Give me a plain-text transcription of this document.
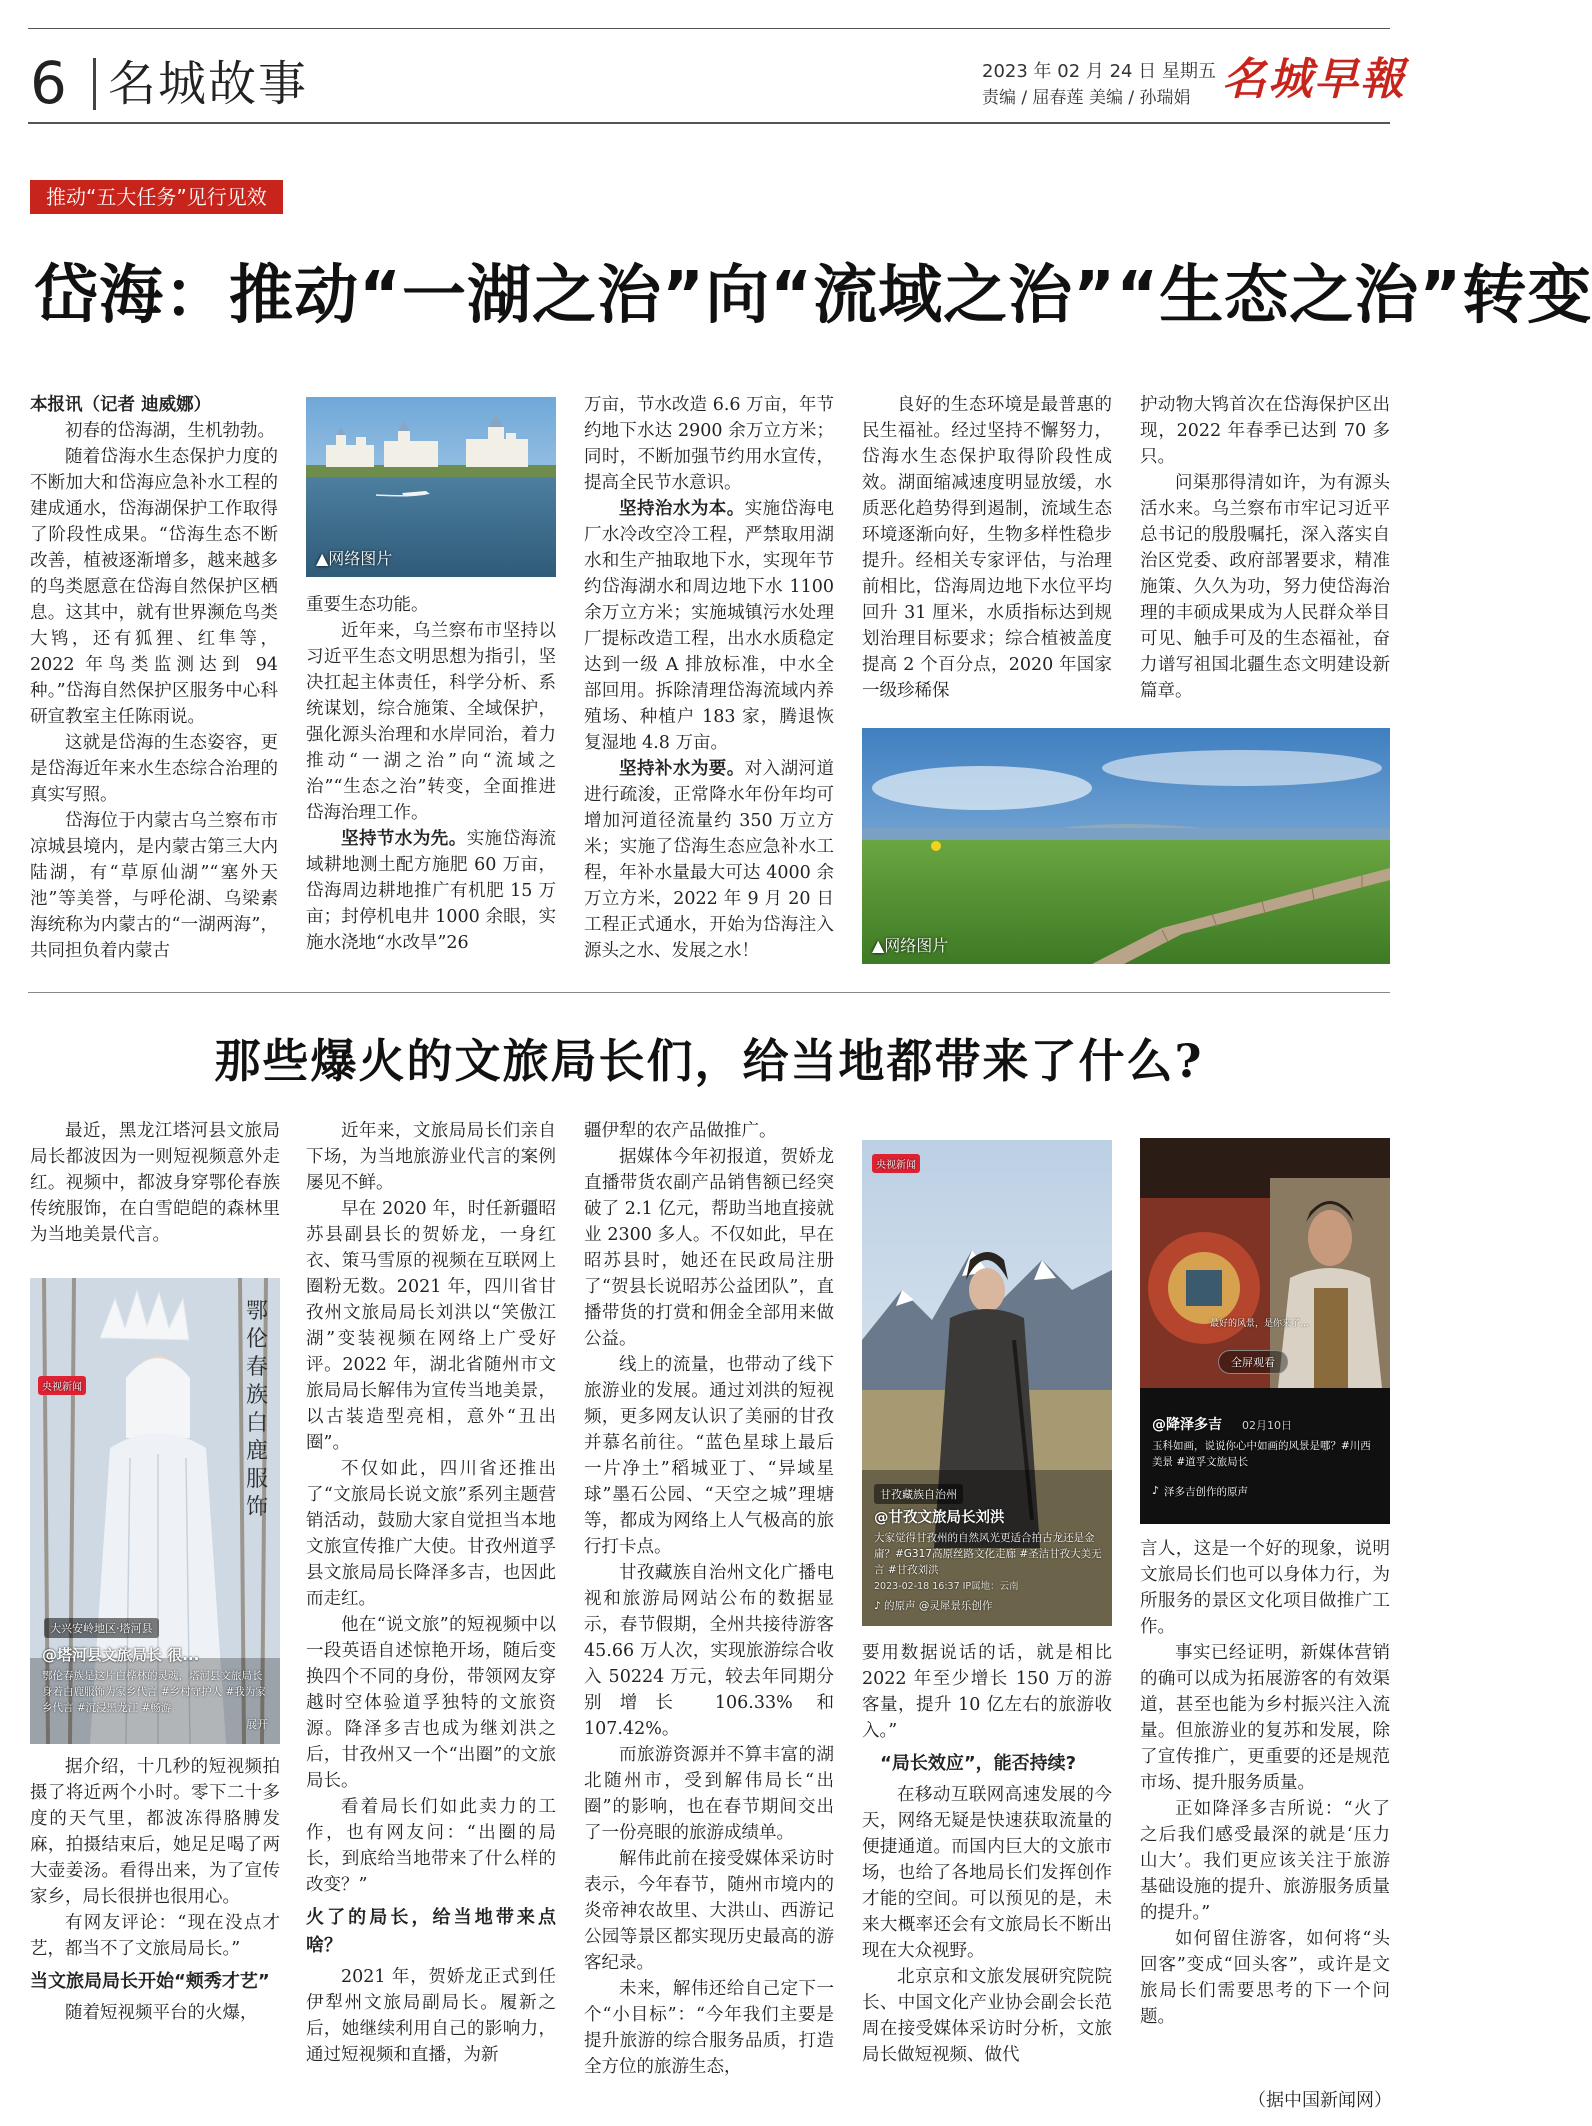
6 名城故事	2023 年 02 月 24 日 星期五
责编 / 屈春莲 美编 / 孙瑞娟 名城早報
推动“五大任务”见行见效
岱海：推动“一湖之治”向“流域之治”“生态之治”转变

本报讯（记者 迪威娜）

初春的岱海湖，生机勃勃。

随着岱海水生态保护力度的不断加大和岱海应急补水工程的建成通水，岱海湖保护工作取得了阶段性成果。“岱海生态不断改善，植被逐渐增多，越来越多的鸟类愿意在岱海自然保护区栖息。这其中，就有世界濒危鸟类大鸨，还有狐狸、红隼等，2022 年鸟类监测达到 94 种。”岱海自然保护区服务中心科研宣教室主任陈雨说。

这就是岱海的生态姿容，更是岱海近年来水生态综合治理的真实写照。

岱海位于内蒙古乌兰察布市凉城县境内，是内蒙古第三大内陆湖，有“草原仙湖”“塞外天池”等美誉，与呼伦湖、乌梁素海统称为内蒙古的“一湖两海”，共同担负着内蒙古

▲网络图片

重要生态功能。

近年来，乌兰察布市坚持以习近平生态文明思想为指引，坚决扛起主体责任，科学分析、系统谋划，综合施策、全域保护，强化源头治理和水岸同治，着力推动“一湖之治”向“流域之治”“生态之治”转变，全面推进岱海治理工作。

坚持节水为先。实施岱海流域耕地测土配方施肥 60 万亩，岱海周边耕地推广有机肥 15 万亩；封停机电井 1000 余眼，实施水浇地“水改旱”26

万亩，节水改造 6.6 万亩，年节约地下水达 2900 余万立方米；同时，不断加强节约用水宣传，提高全民节水意识。

坚持治水为本。实施岱海电厂水冷改空冷工程，严禁取用湖水和生产抽取地下水，实现年节约岱海湖水和周边地下水 1100 余万立方米；实施城镇污水处理厂提标改造工程，出水水质稳定达到一级 A 排放标准，中水全部回用。拆除清理岱海流域内养殖场、种植户 183 家，腾退恢复湿地 4.8 万亩。

坚持补水为要。对入湖河道进行疏浚，正常降水年份年均可增加河道径流量约 350 万立方米；实施了岱海生态应急补水工程，年补水量最大可达 4000 余万立方米，2022 年 9 月 20 日工程正式通水，开始为岱海注入源头之水、发展之水！

良好的生态环境是最普惠的民生福祉。经过坚持不懈努力，岱海水生态保护取得阶段性成效。湖面缩减速度明显放缓，水质恶化趋势得到遏制，流域生态环境逐渐向好，生物多样性稳步提升。经相关专家评估，与治理前相比，岱海周边地下水位平均回升 31 厘米，水质指标达到规划治理目标要求；综合植被盖度提高 2 个百分点，2020 年国家一级珍稀保

护动物大鸨首次在岱海保护区出现，2022 年春季已达到 70 多只。

问渠那得清如许，为有源头活水来。乌兰察布市牢记习近平总书记的殷殷嘱托，深入落实自治区党委、政府部署要求，精准施策、久久为功，努力使岱海治理的丰硕成果成为人民群众举目可见、触手可及的生态福祉，奋力谱写祖国北疆生态文明建设新篇章。

▲网络图片
那些爆火的文旅局长们，给当地都带来了什么?

最近，黑龙江塔河县文旅局局长都波因为一则短视频意外走红。视频中，都波身穿鄂伦春族传统服饰，在白雪皑皑的森林里为当地美景代言。

央视新闻
鄂伦春族白鹿服饰
大兴安岭地区·塔河县
@塔河县文旅局长 很...
鄂伦春族是这片白桦林的灵魂，塔河县文旅局长身着白鹿服饰为家乡代言 #乡村守护人 #我为家乡代言 #沉浸黑龙江 #畅游
展开

据介绍，十几秒的短视频拍摄了将近两个小时。零下二十多度的天气里，都波冻得胳膊发麻，拍摄结束后，她足足喝了两大壶姜汤。看得出来，为了宣传家乡，局长很拼也很用心。

有网友评论：“现在没点才艺，都当不了文旅局局长。”

当文旅局局长开始“颊秀才艺”

随着短视频平台的火爆，

近年来，文旅局局长们亲自下场，为当地旅游业代言的案例屡见不鲜。

早在 2020 年，时任新疆昭苏县副县长的贺娇龙，一身红衣、策马雪原的视频在互联网上圈粉无数。2021 年，四川省甘孜州文旅局局长刘洪以“笑傲江湖”变装视频在网络上广受好评。2022 年，湖北省随州市文旅局局长解伟为宣传当地美景，以古装造型亮相，意外“丑出圈”。

不仅如此，四川省还推出了“文旅局长说文旅”系列主题营销活动，鼓励大家自觉担当本地文旅宣传推广大使。甘孜州道孚县文旅局局长降泽多吉，也因此而走红。

他在“说文旅”的短视频中以一段英语自述惊艳开场，随后变换四个不同的身份，带领网友穿越时空体验道孚独特的文旅资源。降泽多吉也成为继刘洪之后，甘孜州又一个“出圈”的文旅局长。

看着局长们如此卖力的工作，也有网友问：“出圈的局长，到底给当地带来了什么样的改变？”

火了的局长，给当地带来点啥？

2021 年，贺娇龙正式到任伊犁州文旅局副局长。履新之后，她继续利用自己的影响力，通过短视频和直播，为新

疆伊犁的农产品做推广。

据媒体今年初报道，贺娇龙直播带货农副产品销售额已经突破了 2.1 亿元，帮助当地直接就业 2300 多人。不仅如此，早在昭苏县时，她还在民政局注册了“贺县长说昭苏公益团队”，直播带货的打赏和佣金全部用来做公益。

线上的流量，也带动了线下旅游业的发展。通过刘洪的短视频，更多网友认识了美丽的甘孜并慕名前往。“蓝色星球上最后一片净土”稻城亚丁、“异域星球”墨石公园、“天空之城”理塘等，都成为网络上人气极高的旅行打卡点。

甘孜藏族自治州文化广播电视和旅游局网站公布的数据显示，春节假期，全州共接待游客 45.66 万人次，实现旅游综合收入 50224 万元，较去年同期分别增长 106.33% 和 107.42%。

而旅游资源并不算丰富的湖北随州市，受到解伟局长“出圈”的影响，也在春节期间交出了一份亮眼的旅游成绩单。

解伟此前在接受媒体采访时表示，今年春节，随州市境内的炎帝神农故里、大洪山、西游记公园等景区都实现历史最高的游客纪录。

未来，解伟还给自己定下一个“小目标”：“今年我们主要是提升旅游的综合服务品质，打造全方位的旅游生态，

央视新闻
甘孜藏族自治州
@甘孜文旅局长刘洪
大家觉得甘孜州的自然风光更适合拍古龙还是金庸？#G317高原丝路文化走廊 #圣洁甘孜大美无言 #甘孜刘洪
2023-02-18 16:37 IP属地：云南
♪ 的原声 @灵犀景乐创作

要用数据说话的话，就是相比 2022 年至少增长 150 万的游客量，提升 10 亿左右的旅游收入。”

“局长效应”，能否持续?

在移动互联网高速发展的今天，网络无疑是快速获取流量的便捷通道。而国内巨大的文旅市场，也给了各地局长们发挥创作才能的空间。可以预见的是，未来大概率还会有文旅局长不断出现在大众视野。

北京京和文旅发展研究院院长、中国文化产业协会副会长范周在接受媒体采访时分析，文旅局长做短视频、做代

最好的风景，是你来了…
全屏观看
@降泽多吉 02月10日
玉科如画，说说你心中如画的风景是哪？#川西美景 #道孚文旅局长
泽多吉创作的原声
♪

言人，这是一个好的现象，说明文旅局长们也可以身体力行，为所服务的景区文化项目做推广工作。

事实已经证明，新媒体营销的确可以成为拓展游客的有效渠道，甚至也能为乡村振兴注入流量。但旅游业的复苏和发展，除了宣传推广，更重要的还是规范市场、提升服务质量。

正如降泽多吉所说：“火了之后我们感受最深的就是‘压力山大’。我们更应该关注于旅游基础设施的提升、旅游服务质量的提升。”

如何留住游客，如何将“头回客”变成“回头客”，或许是文旅局长们需要思考的下一个问题。

（据中国新闻网）
